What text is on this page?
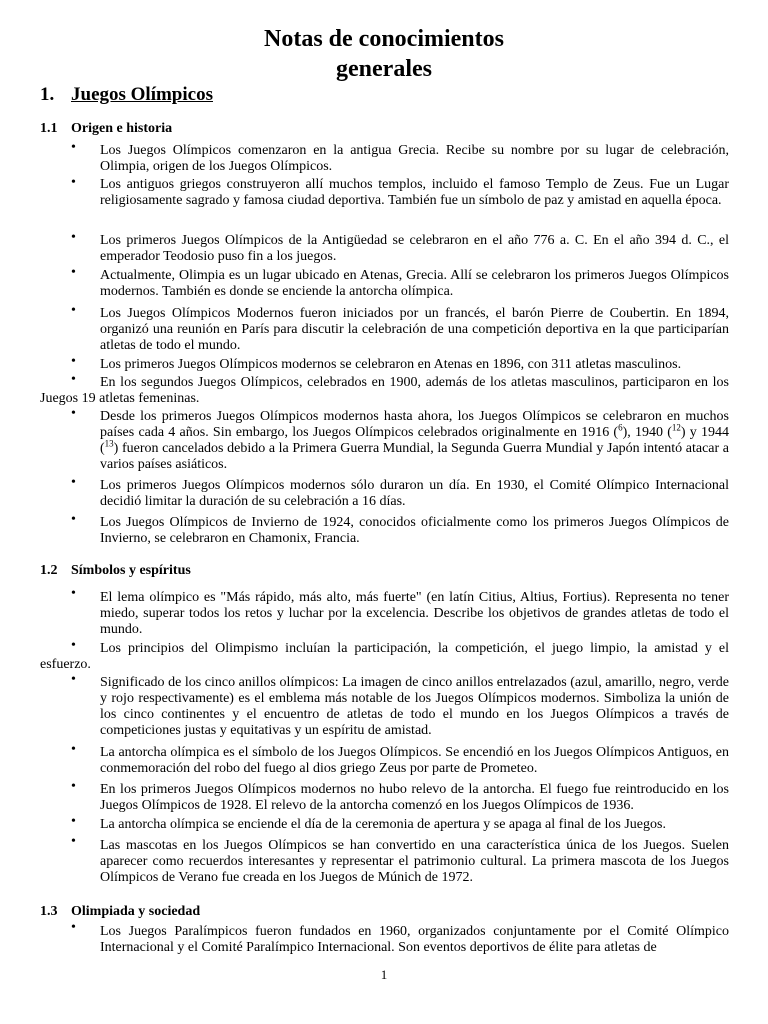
Notas de conocimientos
generales
1. Juegos Olímpicos
1.1 Origen e historia
• Los Juegos Olímpicos comenzaron en la antigua Grecia. Recibe su nombre por su lugar de celebración, Olimpia, origen de los Juegos Olímpicos.
• Los antiguos griegos construyeron allí muchos templos, incluido el famoso Templo de Zeus. Fue un Lugar religiosamente sagrado y famosa ciudad deportiva. También fue un símbolo de paz y amistad en aquella época.
• Los primeros Juegos Olímpicos de la Antigüedad se celebraron en el año 776 a. C. En el año 394 d. C., el emperador Teodosio puso fin a los juegos.
• Actualmente, Olimpia es un lugar ubicado en Atenas, Grecia. Allí se celebraron los primeros Juegos Olímpicos modernos. También es donde se enciende la antorcha olímpica.
• Los Juegos Olímpicos Modernos fueron iniciados por un francés, el barón Pierre de Coubertin. En 1894, organizó una reunión en París para discutir la celebración de una competición deportiva en la que participarían atletas de todo el mundo.
• Los primeros Juegos Olímpicos modernos se celebraron en Atenas en 1896, con 311 atletas masculinos.
•	En los segundos Juegos Olímpicos, celebrados en 1900, además de los atletas masculinos, participaron en los Juegos 19 atletas femeninas.
• Desde los primeros Juegos Olímpicos modernos hasta ahora, los Juegos Olímpicos se celebraron en muchos países cada 4 años. Sin embargo, los Juegos Olímpicos celebrados originalmente en 1916 ($^6$), 1940 ($^{12}$) y 1944 ($^{13}$) fueron cancelados debido a la Primera Guerra Mundial, la Segunda Guerra Mundial y Japón intentó atacar a varios países asiáticos.
• Los primeros Juegos Olímpicos modernos sólo duraron un día. En 1930, el Comité Olímpico Internacional decidió limitar la duración de su celebración a 16 días.
• Los Juegos Olímpicos de Invierno de 1924, conocidos oficialmente como los primeros Juegos Olímpicos de Invierno, se celebraron en Chamonix, Francia.
1.2 Símbolos y espíritus
• El lema olímpico es "Más rápido, más alto, más fuerte" (en latín Citius, Altius, Fortius). Representa no tener miedo, superar todos los retos y luchar por la excelencia. Describe los objetivos de grandes atletas de todo el mundo.
•	Los principios del Olimpismo incluían la participación, la competición, el juego limpio, la amistad y el esfuerzo.
• Significado de los cinco anillos olímpicos: La imagen de cinco anillos entrelazados (azul, amarillo, negro, verde y rojo respectivamente) es el emblema más notable de los Juegos Olímpicos modernos. Simboliza la unión de los cinco continentes y el encuentro de atletas de todo el mundo en los Juegos Olímpicos a través de competiciones justas y equitativas y un espíritu de amistad.
• La antorcha olímpica es el símbolo de los Juegos Olímpicos. Se encendió en los Juegos Olímpicos Antiguos, en conmemoración del robo del fuego al dios griego Zeus por parte de Prometeo.
• En los primeros Juegos Olímpicos modernos no hubo relevo de la antorcha. El fuego fue reintroducido en los Juegos Olímpicos de 1928. El relevo de la antorcha comenzó en los Juegos Olímpicos de 1936.
• La antorcha olímpica se enciende el día de la ceremonia de apertura y se apaga al final de los Juegos.
• Las mascotas en los Juegos Olímpicos se han convertido en una característica única de los Juegos. Suelen aparecer como recuerdos interesantes y representar el patrimonio cultural. La primera mascota de los Juegos Olímpicos de Verano fue creada en los Juegos de Múnich de 1972.
1.3 Olimpiada y sociedad
• Los Juegos Paralímpicos fueron fundados en 1960, organizados conjuntamente por el Comité Olímpico Internacional y el Comité Paralímpico Internacional. Son eventos deportivos de élite para atletas de
1
